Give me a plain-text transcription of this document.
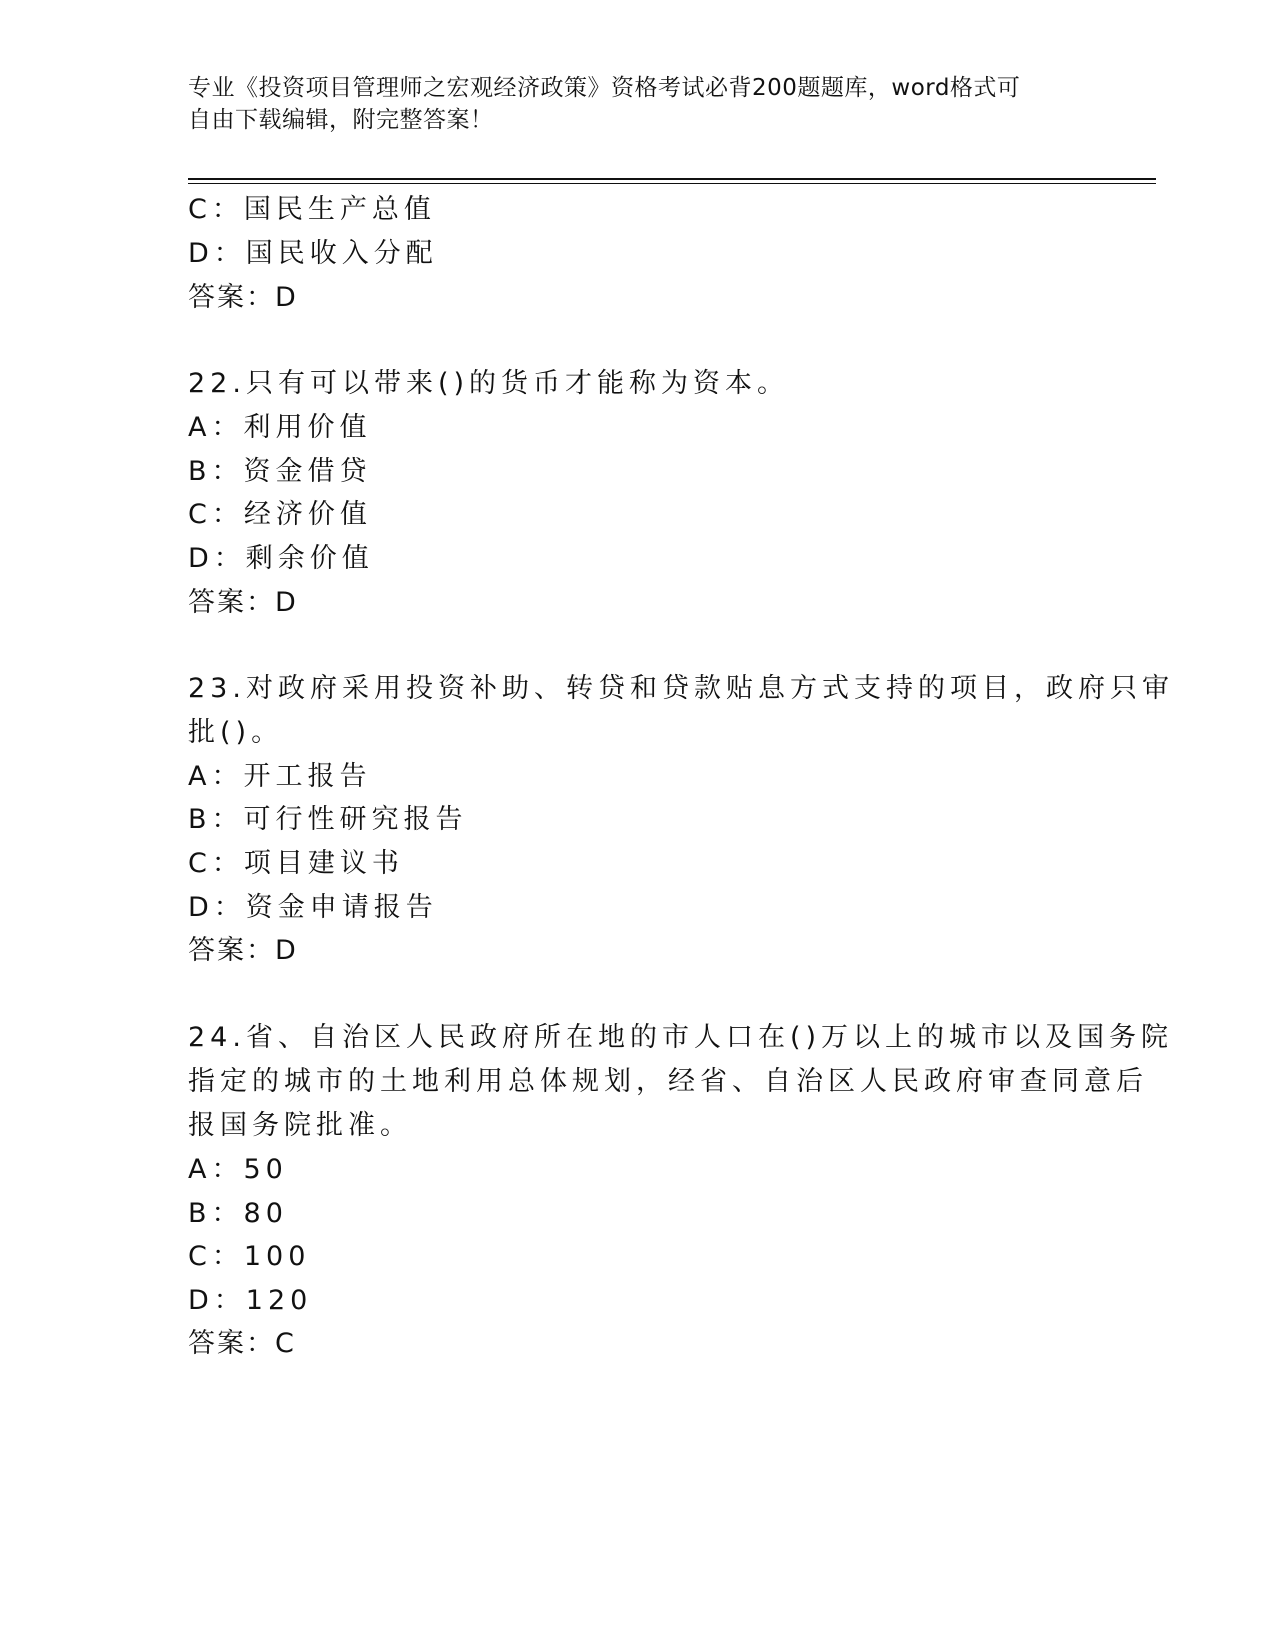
专业《投资项目管理师之宏观经济政策》资格考试必背200题题库，word格式可
自由下载编辑，附完整答案！
C：国民生产总值
D：国民收入分配
答案：D
22.只有可以带来()的货币才能称为资本。
A：利用价值
B：资金借贷
C：经济价值
D：剩余价值
答案：D
23.对政府采用投资补助、转贷和贷款贴息方式支持的项目，政府只审
批()。
A：开工报告
B：可行性研究报告
C：项目建议书
D：资金申请报告
答案：D
24.省、自治区人民政府所在地的市人口在()万以上的城市以及国务院
指定的城市的土地利用总体规划，经省、自治区人民政府审查同意后
报国务院批准。
A：50
B：80
C：100
D：120
答案：C
